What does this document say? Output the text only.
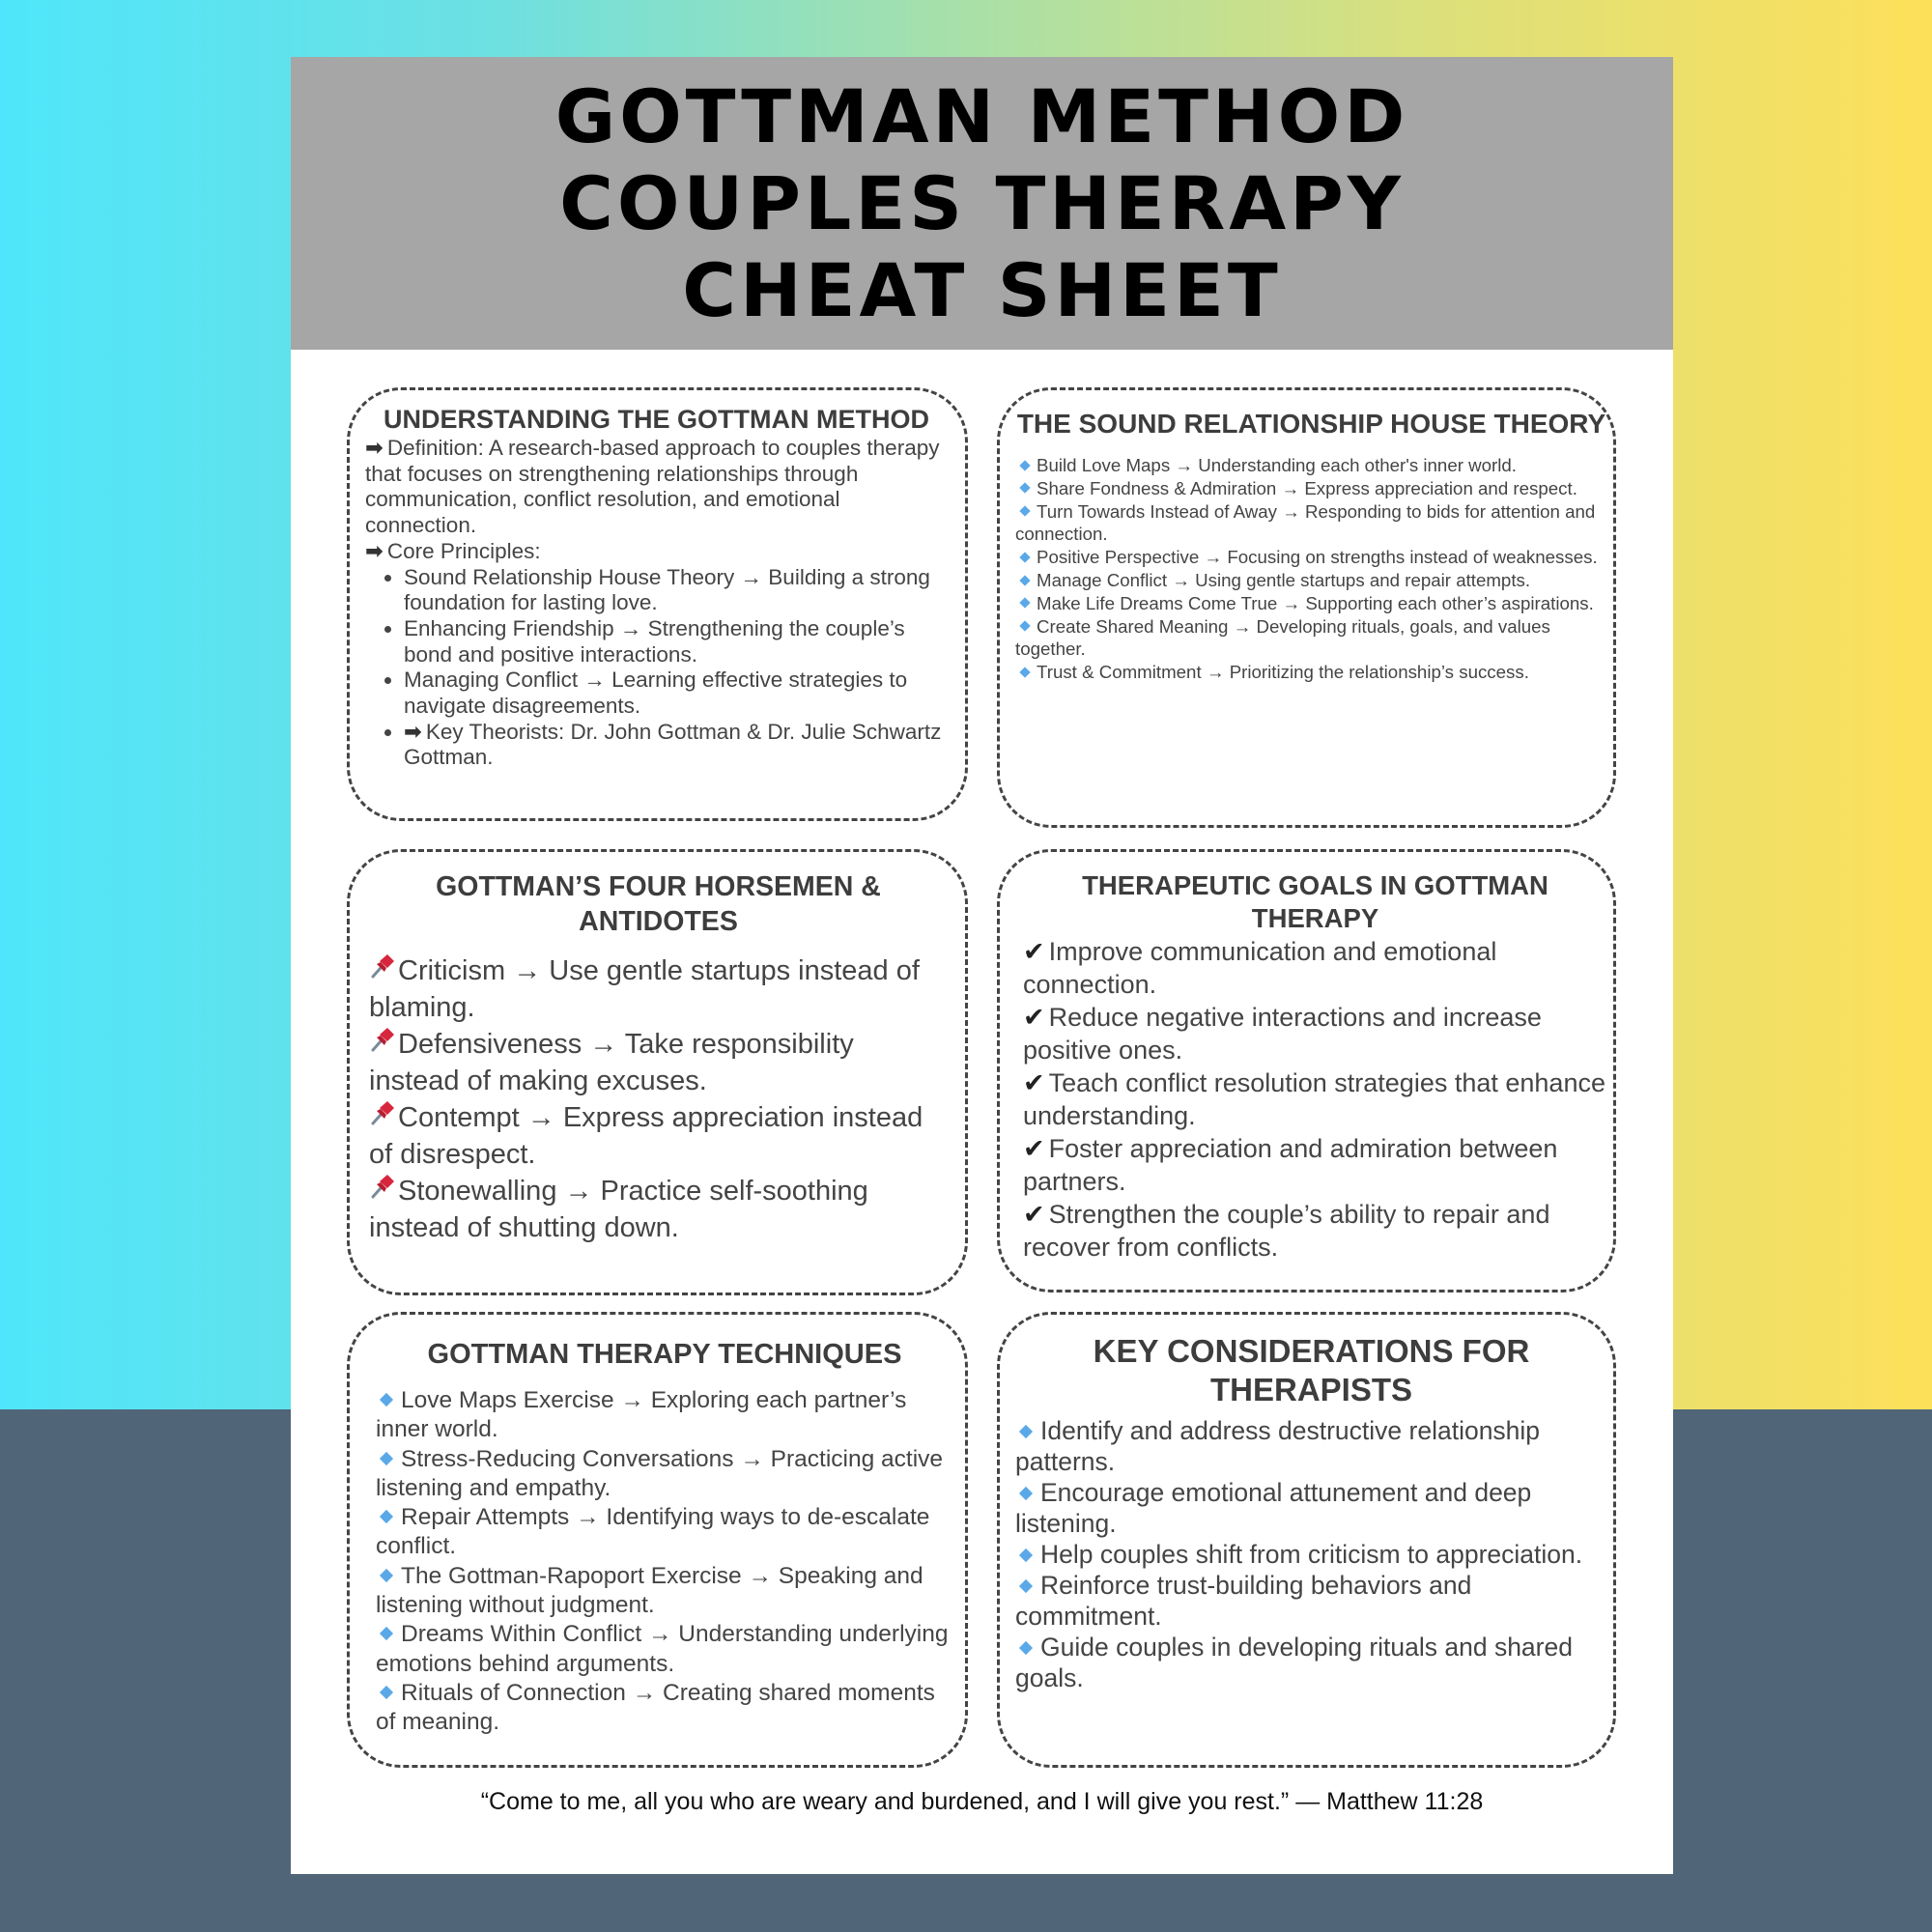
GOTTMAN METHOD
COUPLES THERAPY
CHEAT SHEET
UNDERSTANDING THE GOTTMAN METHOD

➡ Definition: A research-based approach to couples therapy that focuses on strengthening relationships through communication, conflict resolution, and emotional connection.

➡ Core Principles:

• Sound Relationship House Theory → Building a strong foundation for lasting love.
• Enhancing Friendship → Strengthening the couple’s bond and positive interactions.
• Managing Conflict → Learning effective strategies to navigate disagreements.
• ➡ Key Theorists: Dr. John Gottman & Dr. Julie Schwartz Gottman.
THE SOUND RELATIONSHIP HOUSE THEORY

Build Love Maps → Understanding each other's inner world.

Share Fondness & Admiration → Express appreciation and respect.

Turn Towards Instead of Away → Responding to bids for attention and connection.

Positive Perspective → Focusing on strengths instead of weaknesses.

Manage Conflict → Using gentle startups and repair attempts.

Make Life Dreams Come True → Supporting each other’s aspirations.

Create Shared Meaning → Developing rituals, goals, and values together.

Trust & Commitment → Prioritizing the relationship’s success.

GOTTMAN’S FOUR HORSEMEN & ANTIDOTES

Criticism → Use gentle startups instead of blaming.

Defensiveness → Take responsibility instead of making excuses.

Contempt → Express appreciation instead of disrespect.

Stonewalling → Practice self-soothing instead of shutting down.

THERAPEUTIC GOALS IN GOTTMAN THERAPY

✔ Improve communication and emotional connection.

✔ Reduce negative interactions and increase positive ones.

✔ Teach conflict resolution strategies that enhance understanding.

✔ Foster appreciation and admiration between partners.

✔ Strengthen the couple’s ability to repair and recover from conflicts.

GOTTMAN THERAPY TECHNIQUES

Love Maps Exercise → Exploring each partner’s inner world.

Stress-Reducing Conversations → Practicing active listening and empathy.

Repair Attempts → Identifying ways to de-escalate conflict.

The Gottman-Rapoport Exercise → Speaking and listening without judgment.

Dreams Within Conflict → Understanding underlying emotions behind arguments.

Rituals of Connection → Creating shared moments of meaning.

KEY CONSIDERATIONS FOR THERAPISTS

Identify and address destructive relationship patterns.

Encourage emotional attunement and deep listening.

Help couples shift from criticism to appreciation.

Reinforce trust-building behaviors and commitment.

Guide couples in developing rituals and shared goals.

“Come to me, all you who are weary and burdened, and I will give you rest.” — Matthew 11:28
